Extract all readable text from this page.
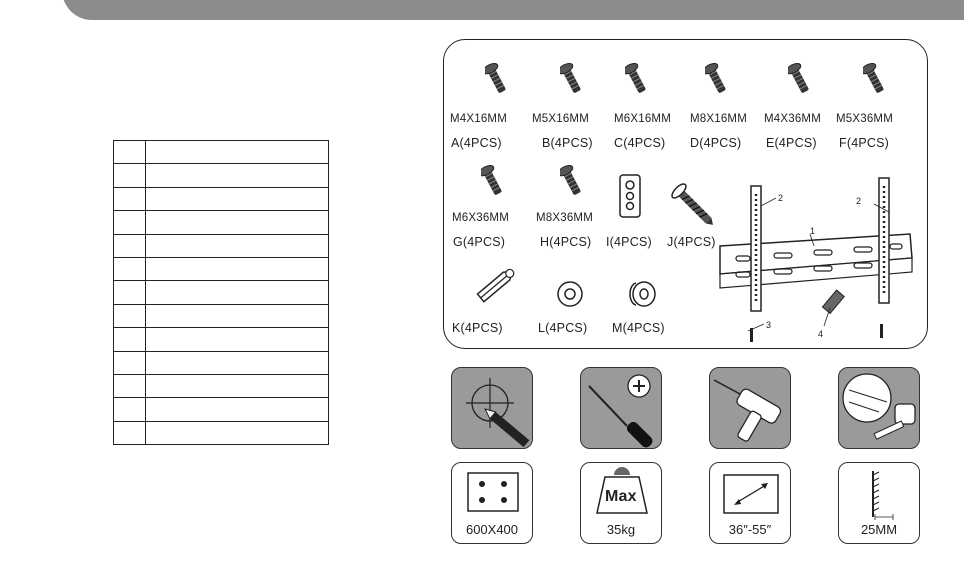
M4X16MM
A(4PCS)
M5X16MM
B(4PCS)
M6X16MM
C(4PCS)
M8X16MM
D(4PCS)
M4X36MM
E(4PCS)
M5X36MM
F(4PCS)
M6X36MM
G(4PCS)
M8X36MM
H(4PCS) I(4PCS) J(4PCS)
K(4PCS)	L(4PCS) M(4PCS)
2	2
1
3
4
600X400
Max
35kg	36″-55″	25MM
